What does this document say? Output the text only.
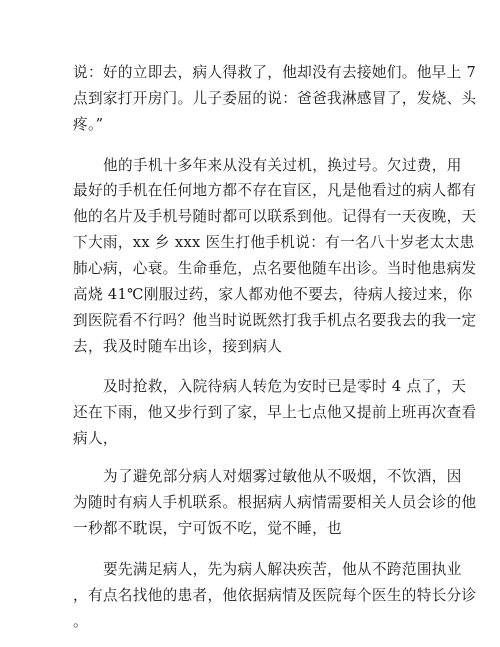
说：好的立即去，病人得救了，他却没有去接她们。他早上 7

点到家打开房门。儿子委屈的说：爸爸我淋感冒了，发烧、头

疼。”

他的手机十多年来从没有关过机，换过号。欠过费，用

最好的手机在任何地方都不存在盲区，凡是他看过的病人都有

他的名片及手机号随时都可以联系到他。记得有一天夜晚，天

下大雨，xx 乡 xxx 医生打他手机说：有一名八十岁老太太患

肺心病，心衰。生命垂危，点名要他随车出诊。当时他患病发

高烧 41℃刚服过药，家人都劝他不要去，待病人接过来，你

到医院看不行吗？他当时说既然打我手机点名要我去的我一定

去，我及时随车出诊，接到病人

及时抢救，入院待病人转危为安时已是零时 4 点了，天

还在下雨，他又步行到了家，早上七点他又提前上班再次查看

病人，

为了避免部分病人对烟雾过敏他从不吸烟，不饮酒，因

为随时有病人手机联系。根据病人病情需要相关人员会诊的他

一秒都不耽误，宁可饭不吃，觉不睡，也

要先满足病人，先为病人解决疾苦，他从不跨范围执业

，有点名找他的患者，他依据病情及医院每个医生的特长分诊

。
